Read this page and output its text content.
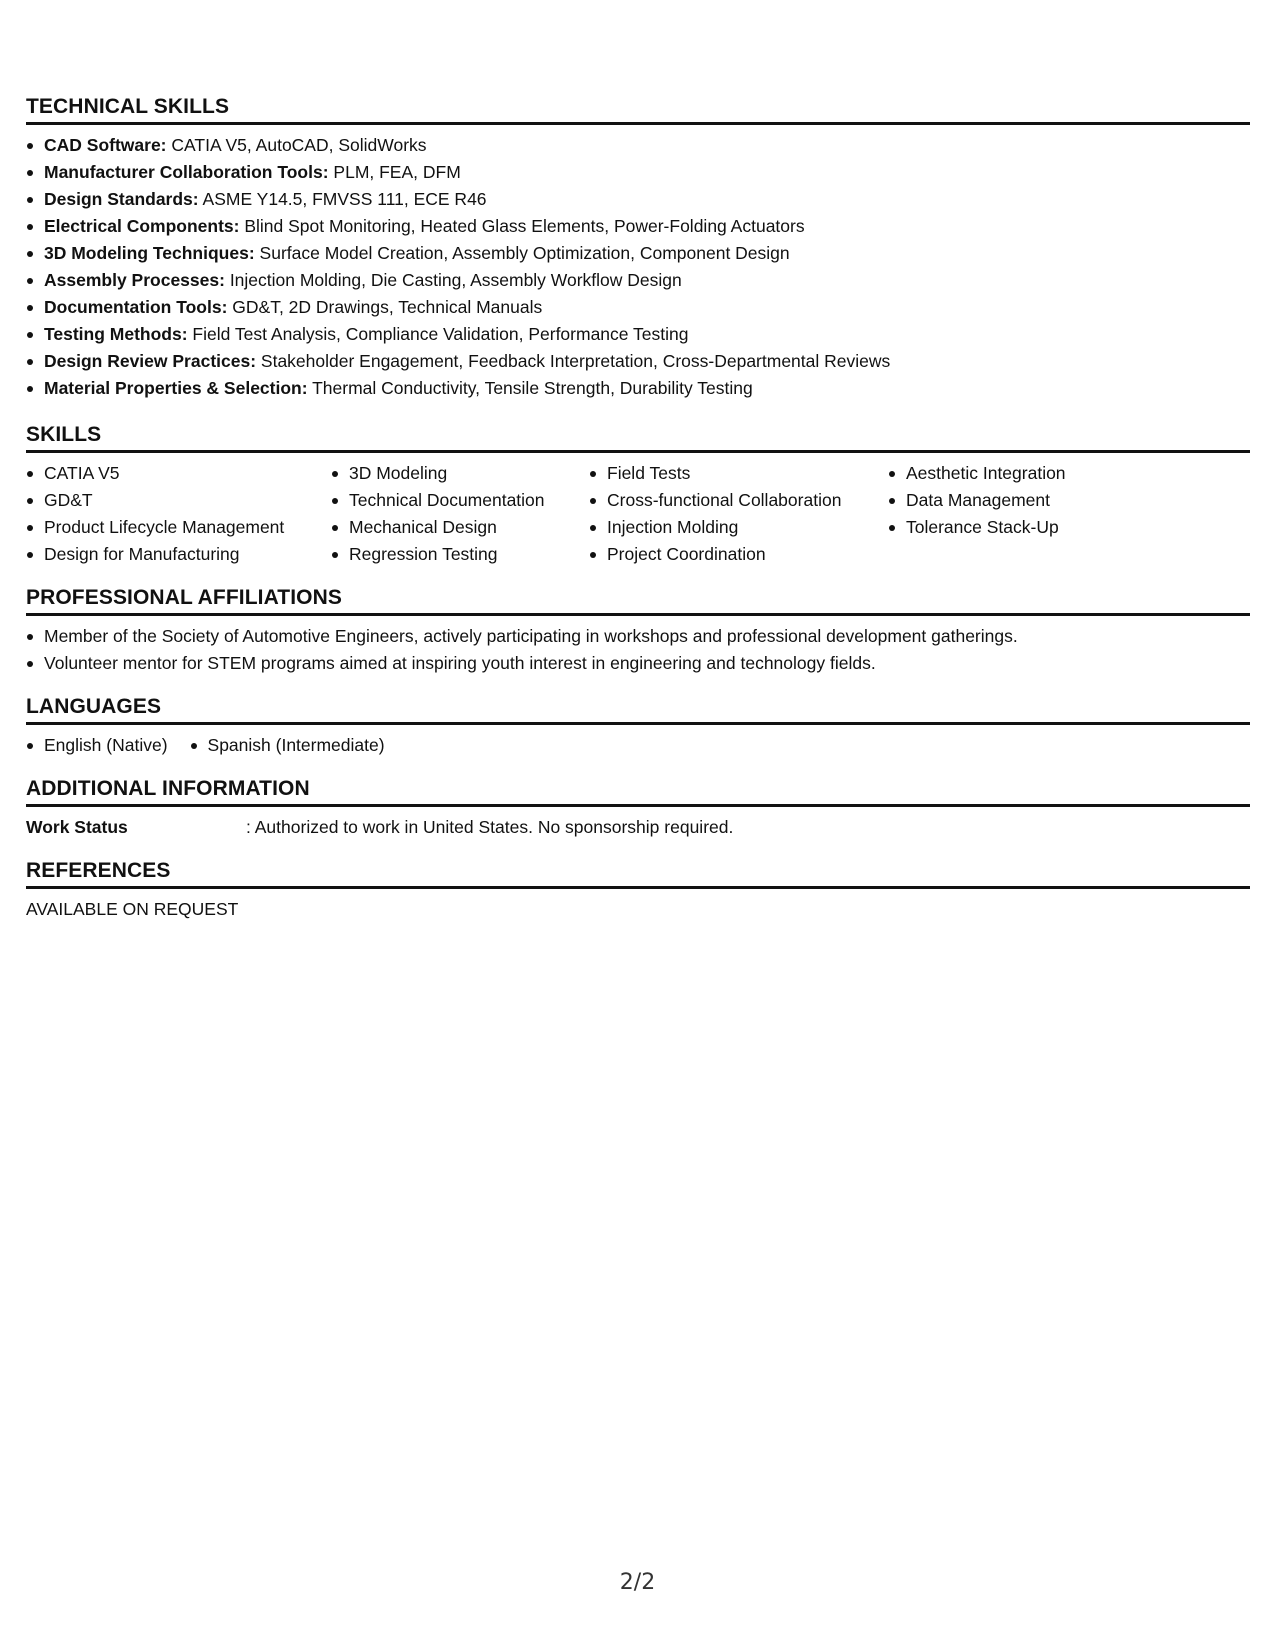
TECHNICAL SKILLS
CAD Software: CATIA V5, AutoCAD, SolidWorks
Manufacturer Collaboration Tools: PLM, FEA, DFM
Design Standards: ASME Y14.5, FMVSS 111, ECE R46
Electrical Components: Blind Spot Monitoring, Heated Glass Elements, Power-Folding Actuators
3D Modeling Techniques: Surface Model Creation, Assembly Optimization, Component Design
Assembly Processes: Injection Molding, Die Casting, Assembly Workflow Design
Documentation Tools: GD&T, 2D Drawings, Technical Manuals
Testing Methods: Field Test Analysis, Compliance Validation, Performance Testing
Design Review Practices: Stakeholder Engagement, Feedback Interpretation, Cross-Departmental Reviews
Material Properties & Selection: Thermal Conductivity, Tensile Strength, Durability Testing
SKILLS
CATIA V5
GD&T
Product Lifecycle Management
Design for Manufacturing
3D Modeling
Technical Documentation
Mechanical Design
Regression Testing
Field Tests
Cross-functional Collaboration
Injection Molding
Project Coordination
Aesthetic Integration
Data Management
Tolerance Stack-Up
PROFESSIONAL AFFILIATIONS
Member of the Society of Automotive Engineers, actively participating in workshops and professional development gatherings.
Volunteer mentor for STEM programs aimed at inspiring youth interest in engineering and technology fields.
LANGUAGES
English (Native)	Spanish (Intermediate)
ADDITIONAL INFORMATION
Work Status	: Authorized to work in United States. No sponsorship required.
REFERENCES
AVAILABLE ON REQUEST
2/2
